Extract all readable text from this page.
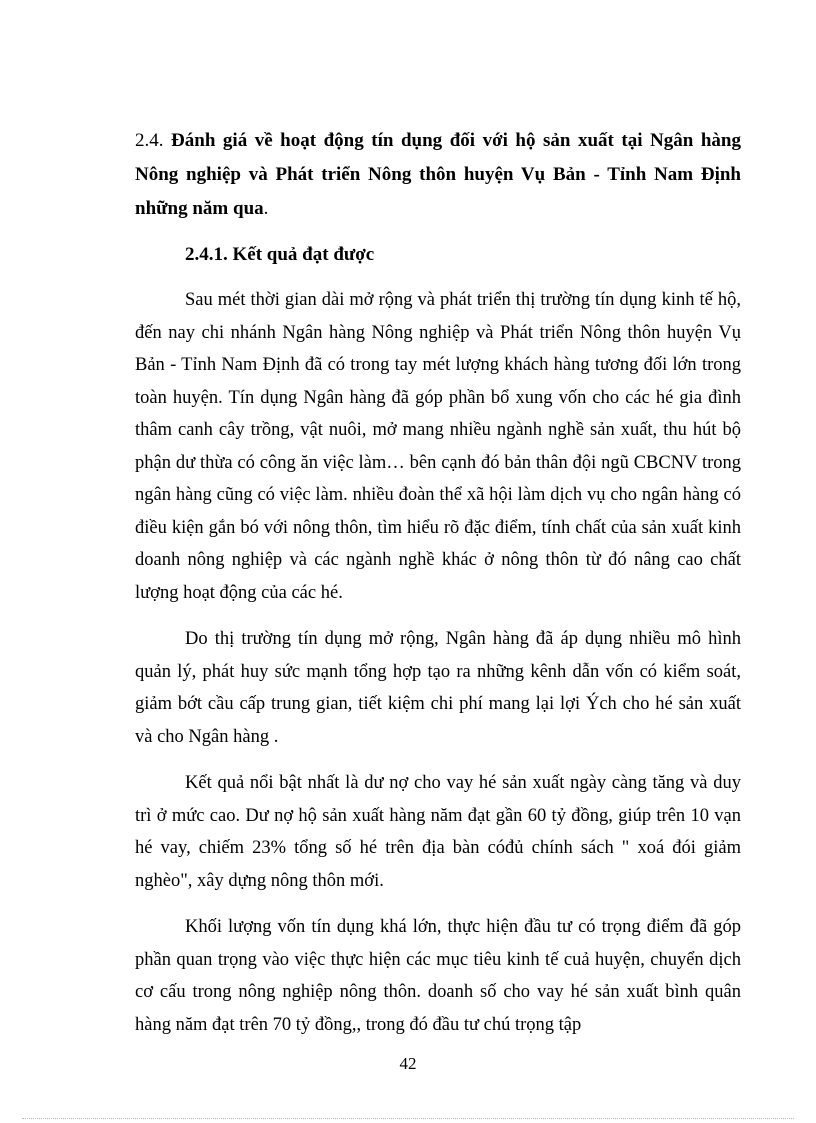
2.4. Đánh giá về hoạt động tín dụng đối với hộ sản xuất tại Ngân hàng Nông nghiệp và Phát triển Nông thôn huyện Vụ Bản - Tỉnh Nam Định những năm qua.
2.4.1. Kết quả đạt được

Sau mét thời gian dài mở rộng và phát triển thị trường tín dụng kinh tế hộ, đến nay chi nhánh Ngân hàng Nông nghiệp và Phát triển Nông thôn huyện Vụ Bản - Tỉnh Nam Định đã có trong tay mét lượng khách hàng tương đối lớn trong toàn huyện. Tín dụng Ngân hàng đã góp phần bổ xung vốn cho các hé gia đình thâm canh cây trồng, vật nuôi, mở mang nhiều ngành nghề sản xuất, thu hút bộ phận dư thừa có công ăn việc làm… bên cạnh đó bản thân đội ngũ CBCNV trong ngân hàng cũng có việc làm. nhiều đoàn thể xã hội làm dịch vụ cho ngân hàng có điều kiện gắn bó với nông thôn, tìm hiểu rõ đặc điểm, tính chất của sản xuất kinh doanh nông nghiệp và các ngành nghề khác ở nông thôn từ đó nâng cao chất lượng hoạt động của các hé.

Do thị trường tín dụng mở rộng, Ngân hàng đã áp dụng nhiều mô hình quản lý, phát huy sức mạnh tổng hợp tạo ra những kênh dẫn vốn có kiểm soát, giảm bớt cầu cấp trung gian, tiết kiệm chi phí mang lại lợi Ých cho hé sản xuất và cho Ngân hàng .

Kết quả nổi bật nhất là dư nợ cho vay hé sản xuất ngày càng tăng và duy trì ở mức cao. Dư nợ hộ sản xuất hàng năm đạt gần 60 tỷ đồng, giúp trên 10 vạn hé vay, chiếm 23% tổng số hé trên địa bàn cóđủ chính sách " xoá đói giảm nghèo", xây dựng nông thôn mới.

Khối lượng vốn tín dụng khá lớn, thực hiện đầu tư có trọng điểm đã góp phần quan trọng vào việc thực hiện các mục tiêu kinh tế cuả huyện, chuyển dịch cơ cấu trong nông nghiệp nông thôn. doanh số cho vay hé sản xuất bình quân hàng năm đạt trên 70 tỷ đồng,, trong đó đầu tư chú trọng tập

42
